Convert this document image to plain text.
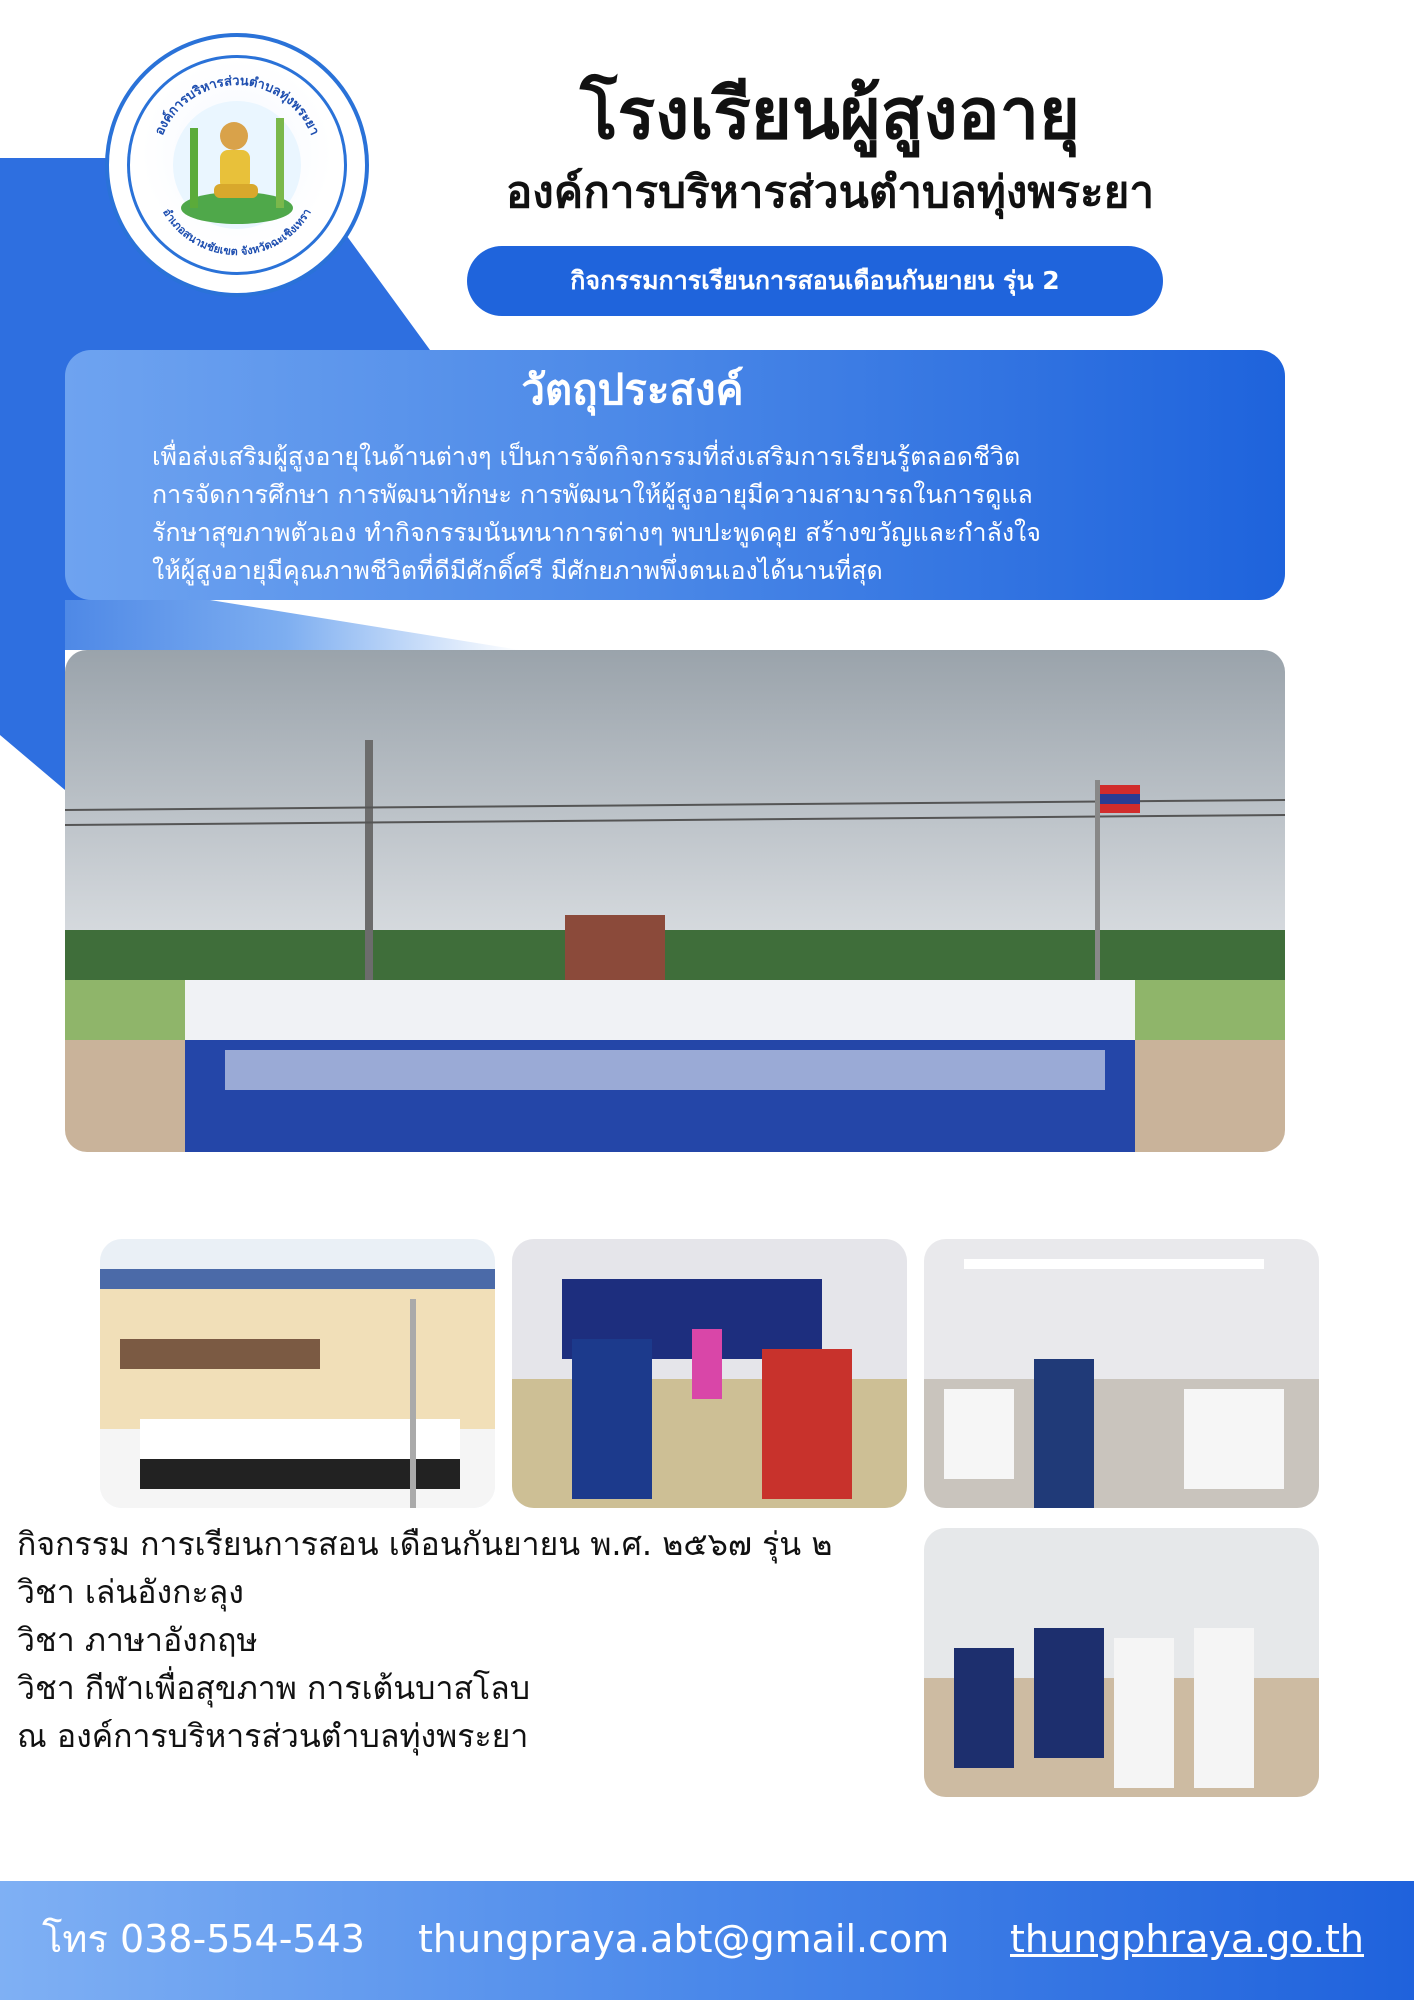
องค์การบริหารส่วนตำบลทุ่งพระยา
อำเภอสนามชัยเขต จังหวัดฉะเชิงเทรา
โรงเรียนผู้สูงอายุ
องค์การบริหารส่วนตำบลทุ่งพระยา
กิจกรรมการเรียนการสอนเดือนกันยายน รุ่น 2
วัตถุประสงค์
เพื่อส่งเสริมผู้สูงอายุในด้านต่างๆ เป็นการจัดกิจกรรมที่ส่งเสริมการเรียนรู้ตลอดชีวิต
การจัดการศึกษา การพัฒนาทักษะ การพัฒนาให้ผู้สูงอายุมีความสามารถในการดูแล
รักษาสุขภาพตัวเอง ทำกิจกรรมนันทนาการต่างๆ พบปะพูดคุย สร้างขวัญและกำลังใจ
ให้ผู้สูงอายุมีคุณภาพชีวิตที่ดีมีศักดิ์ศรี มีศักยภาพพึ่งตนเองได้นานที่สุด
กิจกรรม การเรียนการสอน เดือนกันยายน พ.ศ. ๒๕๖๗ รุ่น ๒
วิชา เล่นอังกะลุง
วิชา ภาษาอังกฤษ
วิชา กีฬาเพื่อสุขภาพ การเต้นบาสโลบ
ณ องค์การบริหารส่วนตำบลทุ่งพระยา
โทร 038-554-543 thungpraya.abt@gmail.com thungphraya.go.th
